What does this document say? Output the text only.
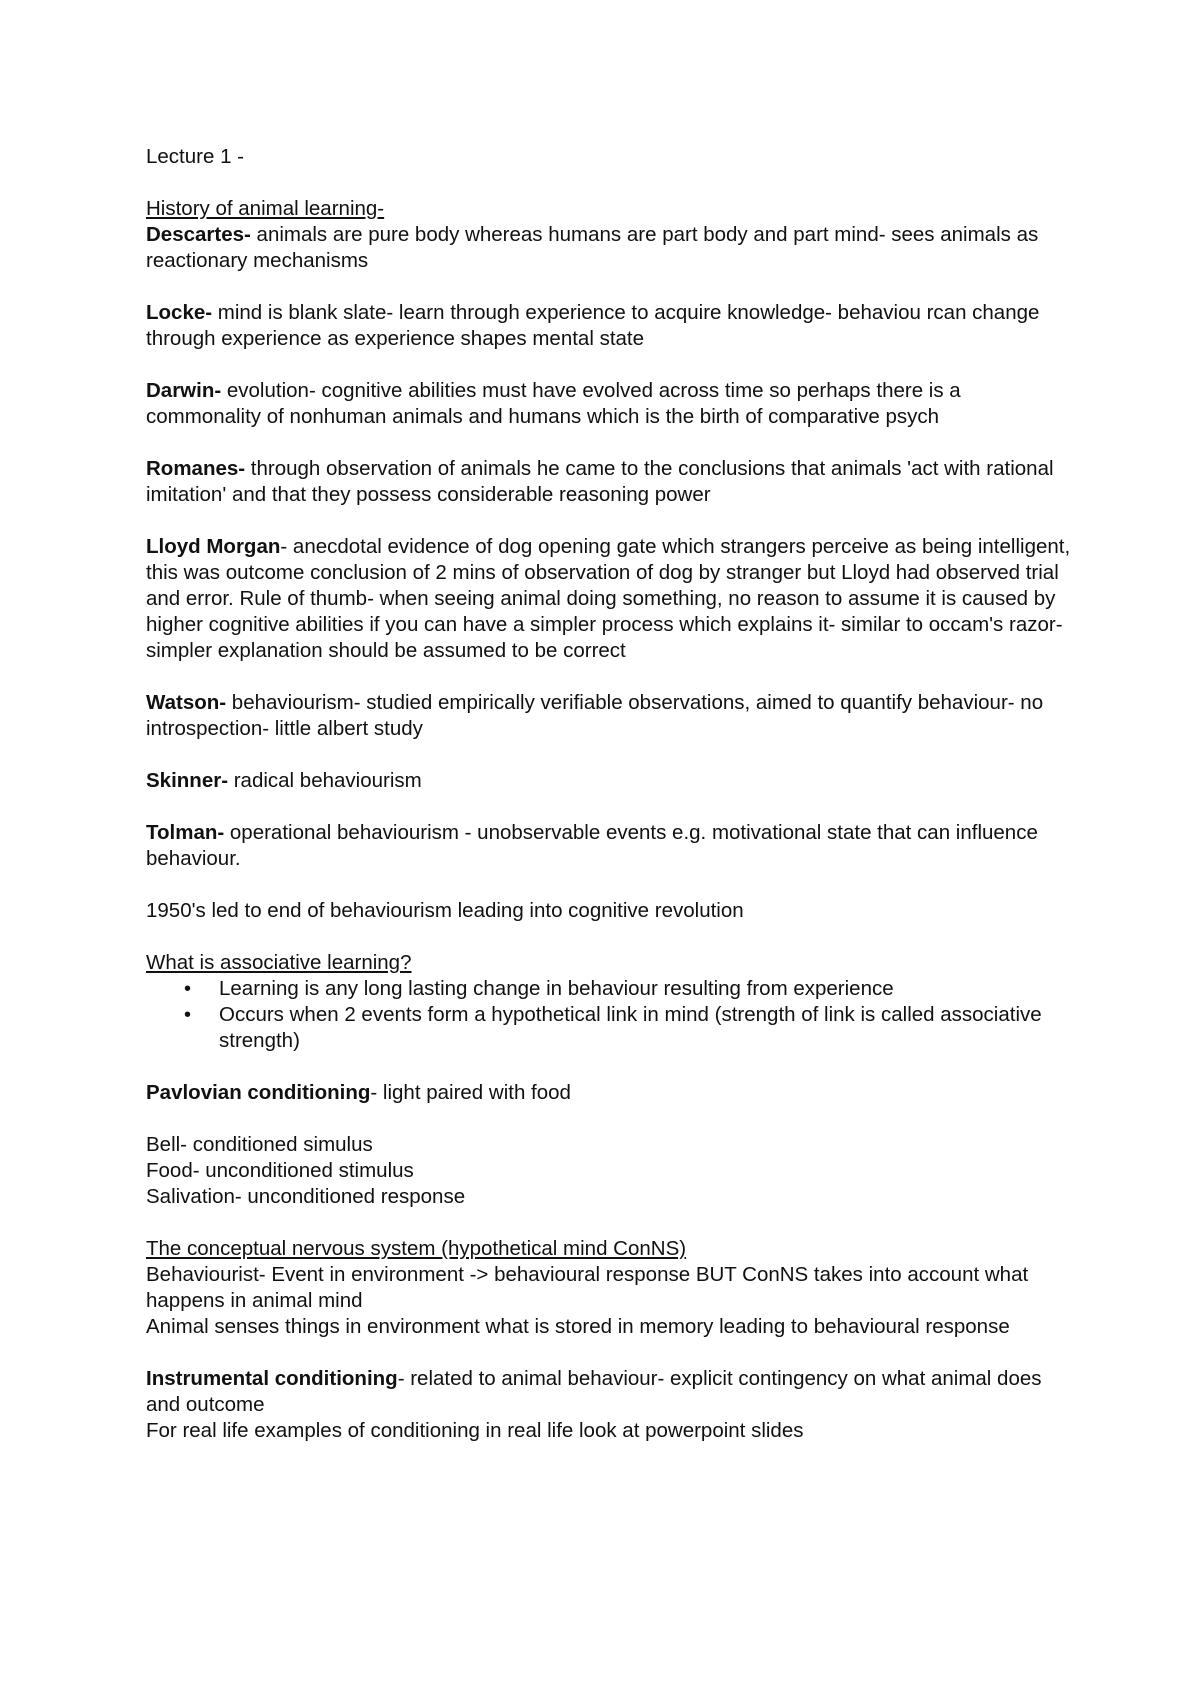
Lecture 1 -

History of animal learning-

Descartes- animals are pure body whereas humans are part body and part mind- sees animals as reactionary mechanisms

Locke- mind is blank slate- learn through experience to acquire knowledge- behaviou rcan change through experience as experience shapes mental state

Darwin- evolution- cognitive abilities must have evolved across time so perhaps there is a commonality of nonhuman animals and humans which is the birth of comparative psych

Romanes- through observation of animals he came to the conclusions that animals 'act with rational imitation' and that they possess considerable reasoning power

Lloyd Morgan- anecdotal evidence of dog opening gate which strangers perceive as being intelligent, this was outcome conclusion of 2 mins of observation of dog by stranger but Lloyd had observed trial and error. Rule of thumb- when seeing animal doing something, no reason to assume it is caused by higher cognitive abilities if you can have a simpler process which explains it- similar to occam's razor- simpler explanation should be assumed to be correct

Watson- behaviourism- studied empirically verifiable observations, aimed to quantify behaviour- no introspection- little albert study

Skinner- radical behaviourism

Tolman- operational behaviourism - unobservable events e.g. motivational state that can influence behaviour.

1950's led to end of behaviourism leading into cognitive revolution

What is associative learning?

• Learning is any long lasting change in behaviour resulting from experience
• Occurs when 2 events form a hypothetical link in mind (strength of link is called associative strength)

Pavlovian conditioning- light paired with food

Bell- conditioned simulus

Food- unconditioned stimulus

Salivation- unconditioned response

The conceptual nervous system (hypothetical mind ConNS)

Behaviourist- Event in environment -> behavioural response BUT ConNS takes into account what happens in animal mind

Animal senses things in environment what is stored in memory leading to behavioural response

Instrumental conditioning- related to animal behaviour- explicit contingency on what animal does and outcome

For real life examples of conditioning in real life look at powerpoint slides
